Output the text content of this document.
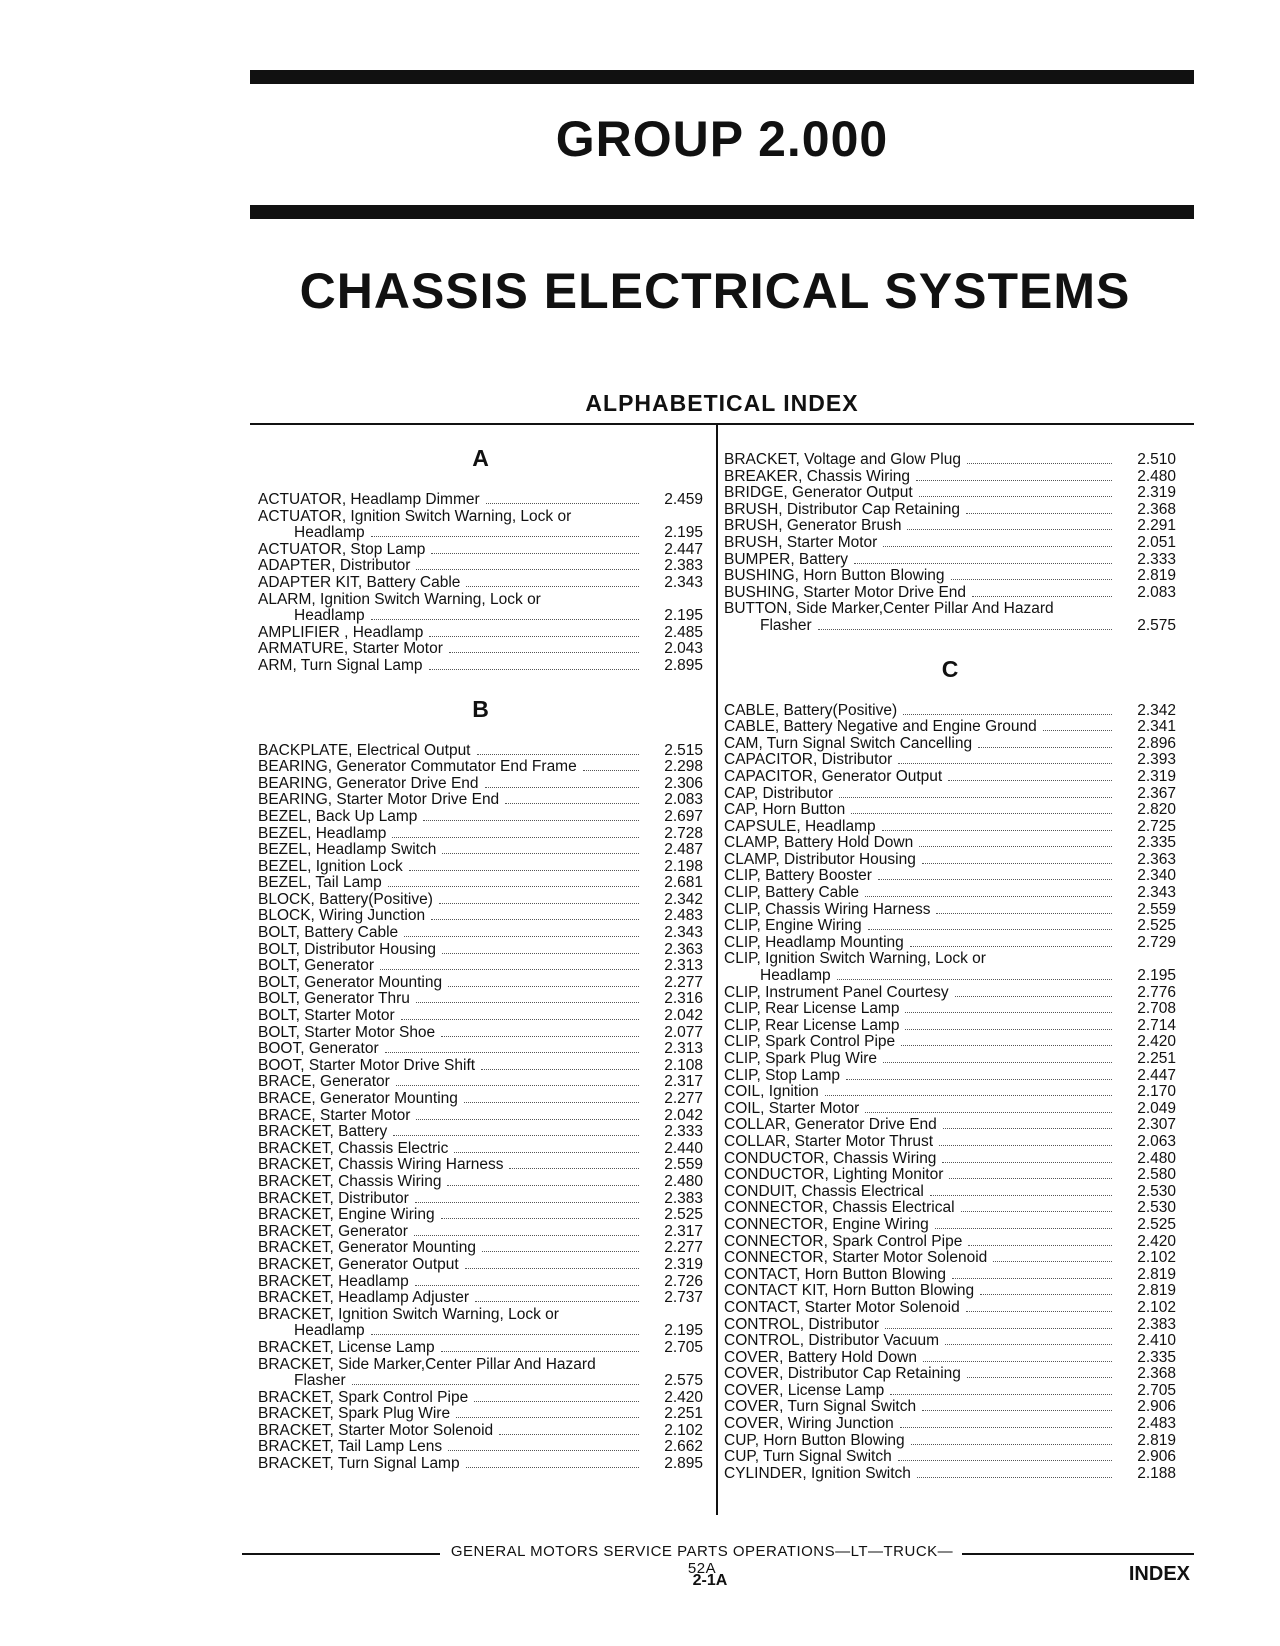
GROUP 2.000
CHASSIS ELECTRICAL SYSTEMS
ALPHABETICAL INDEX
A
ACTUATOR, Headlamp Dimmer	2.459
ACTUATOR, Ignition Switch Warning, Lock or
Headlamp	2.195
ACTUATOR, Stop Lamp	2.447
ADAPTER, Distributor	2.383
ADAPTER KIT, Battery Cable	2.343
ALARM, Ignition Switch Warning, Lock or
Headlamp	2.195
AMPLIFIER , Headlamp	2.485
ARMATURE, Starter Motor	2.043
ARM, Turn Signal Lamp	2.895
B
BACKPLATE, Electrical Output	2.515
BEARING, Generator Commutator End Frame	2.298
BEARING, Generator Drive End	2.306
BEARING, Starter Motor Drive End	2.083
BEZEL, Back Up Lamp	2.697
BEZEL, Headlamp	2.728
BEZEL, Headlamp Switch	2.487
BEZEL, Ignition Lock	2.198
BEZEL, Tail Lamp	2.681
BLOCK, Battery(Positive)	2.342
BLOCK, Wiring Junction	2.483
BOLT, Battery Cable	2.343
BOLT, Distributor Housing	2.363
BOLT, Generator	2.313
BOLT, Generator Mounting	2.277
BOLT, Generator Thru	2.316
BOLT, Starter Motor	2.042
BOLT, Starter Motor Shoe	2.077
BOOT, Generator	2.313
BOOT, Starter Motor Drive Shift	2.108
BRACE, Generator	2.317
BRACE, Generator Mounting	2.277
BRACE, Starter Motor	2.042
BRACKET, Battery	2.333
BRACKET, Chassis Electric	2.440
BRACKET, Chassis Wiring Harness	2.559
BRACKET, Chassis Wiring	2.480
BRACKET, Distributor	2.383
BRACKET, Engine Wiring	2.525
BRACKET, Generator	2.317
BRACKET, Generator Mounting	2.277
BRACKET, Generator Output	2.319
BRACKET, Headlamp	2.726
BRACKET, Headlamp Adjuster	2.737
BRACKET, Ignition Switch Warning, Lock or
Headlamp	2.195
BRACKET, License Lamp	2.705
BRACKET, Side Marker,Center Pillar And Hazard
Flasher	2.575
BRACKET, Spark Control Pipe	2.420
BRACKET, Spark Plug Wire	2.251
BRACKET, Starter Motor Solenoid	2.102
BRACKET, Tail Lamp Lens	2.662
BRACKET, Turn Signal Lamp	2.895
BRACKET, Voltage and Glow Plug	2.510
BREAKER, Chassis Wiring	2.480
BRIDGE, Generator Output	2.319
BRUSH, Distributor Cap Retaining	2.368
BRUSH, Generator Brush	2.291
BRUSH, Starter Motor	2.051
BUMPER, Battery	2.333
BUSHING, Horn Button Blowing	2.819
BUSHING, Starter Motor Drive End	2.083
BUTTON, Side Marker,Center Pillar And Hazard
Flasher	2.575
C
CABLE, Battery(Positive)	2.342
CABLE, Battery Negative and Engine Ground	2.341
CAM, Turn Signal Switch Cancelling	2.896
CAPACITOR, Distributor	2.393
CAPACITOR, Generator Output	2.319
CAP, Distributor	2.367
CAP, Horn Button	2.820
CAPSULE, Headlamp	2.725
CLAMP, Battery Hold Down	2.335
CLAMP, Distributor Housing	2.363
CLIP, Battery Booster	2.340
CLIP, Battery Cable	2.343
CLIP, Chassis Wiring Harness	2.559
CLIP, Engine Wiring	2.525
CLIP, Headlamp Mounting	2.729
CLIP, Ignition Switch Warning, Lock or
Headlamp	2.195
CLIP, Instrument Panel Courtesy	2.776
CLIP, Rear License Lamp	2.708
CLIP, Rear License Lamp	2.714
CLIP, Spark Control Pipe	2.420
CLIP, Spark Plug Wire	2.251
CLIP, Stop Lamp	2.447
COIL, Ignition	2.170
COIL, Starter Motor	2.049
COLLAR, Generator Drive End	2.307
COLLAR, Starter Motor Thrust	2.063
CONDUCTOR, Chassis Wiring	2.480
CONDUCTOR, Lighting Monitor	2.580
CONDUIT, Chassis Electrical	2.530
CONNECTOR, Chassis Electrical	2.530
CONNECTOR, Engine Wiring	2.525
CONNECTOR, Spark Control Pipe	2.420
CONNECTOR, Starter Motor Solenoid	2.102
CONTACT, Horn Button Blowing	2.819
CONTACT KIT, Horn Button Blowing	2.819
CONTACT, Starter Motor Solenoid	2.102
CONTROL, Distributor	2.383
CONTROL, Distributor Vacuum	2.410
COVER, Battery Hold Down	2.335
COVER, Distributor Cap Retaining	2.368
COVER, License Lamp	2.705
COVER, Turn Signal Switch	2.906
COVER, Wiring Junction	2.483
CUP, Horn Button Blowing	2.819
CUP, Turn Signal Switch	2.906
CYLINDER, Ignition Switch	2.188
GENERAL MOTORS SERVICE PARTS OPERATIONS—LT—TRUCK—52A
2-1A	INDEX
